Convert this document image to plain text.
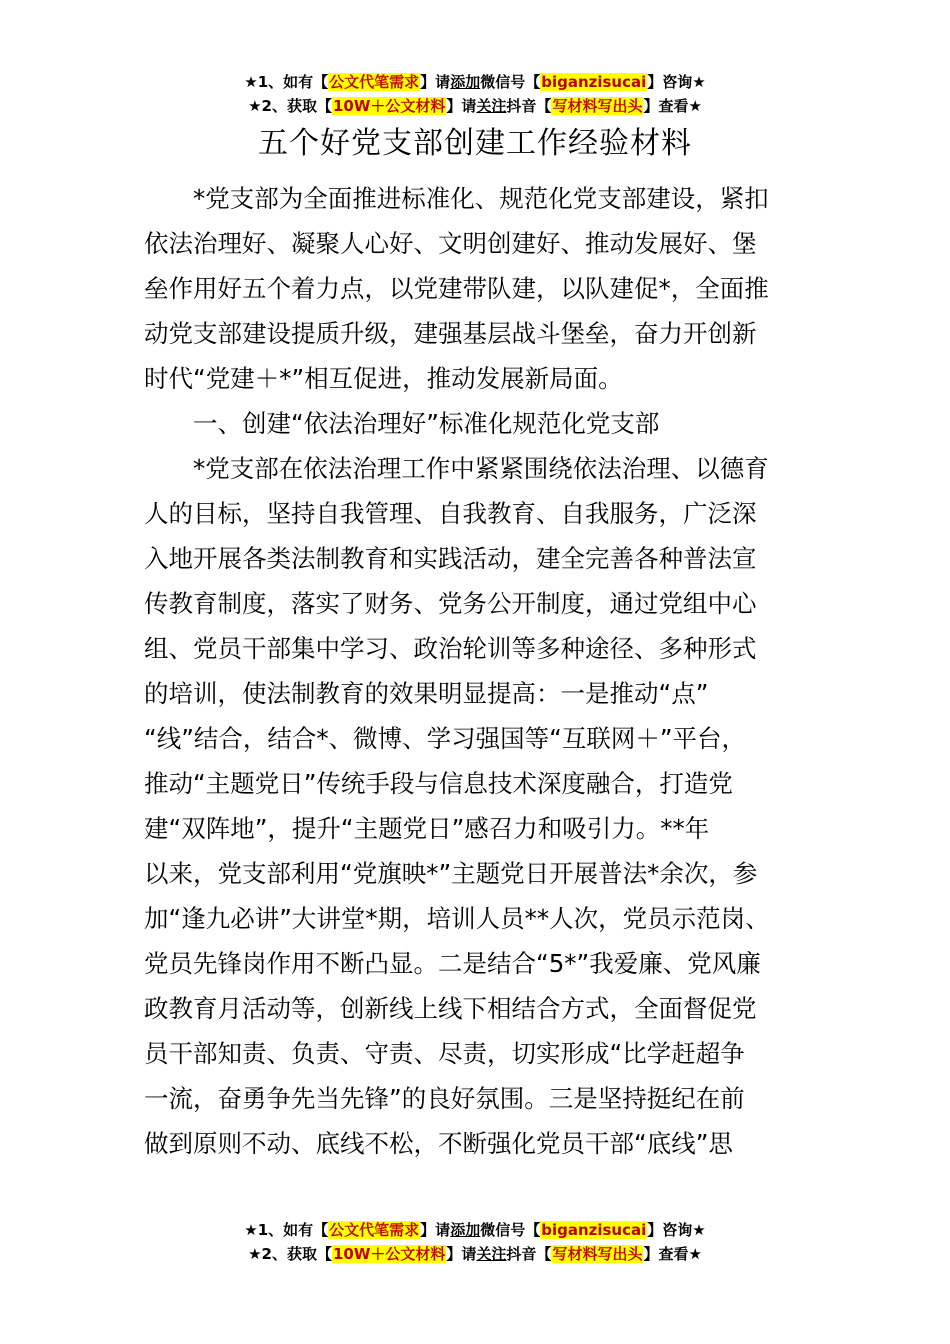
★1、如有【公文代笔需求】请添加微信号【biganzisucai】咨询★
★2、获取【10W＋公文材料】请关注抖音【写材料写出头】查看★
五个好党支部创建工作经验材料
　　*党支部为全面推进标准化、规范化党支部建设，紧扣
依法治理好、凝聚人心好、文明创建好、推动发展好、堡
垒作用好五个着力点，以党建带队建，以队建促*，全面推
动党支部建设提质升级，建强基层战斗堡垒，奋力开创新
时代“党建＋*”相互促进，推动发展新局面。
　　一、创建“依法治理好”标准化规范化党支部
　　*党支部在依法治理工作中紧紧围绕依法治理、以德育
人的目标，坚持自我管理、自我教育、自我服务，广泛深
入地开展各类法制教育和实践活动，建全完善各种普法宣
传教育制度，落实了财务、党务公开制度，通过党组中心
组、党员干部集中学习、政治轮训等多种途径、多种形式
的培训，使法制教育的效果明显提高：一是推动“点”
“线”结合，结合*、微博、学习强国等“互联网＋”平台，
推动“主题党日”传统手段与信息技术深度融合，打造党
建“双阵地”，提升“主题党日”感召力和吸引力。**年
以来，党支部利用“党旗映*”主题党日开展普法*余次，参
加“逢九必讲”大讲堂*期，培训人员**人次，党员示范岗、
党员先锋岗作用不断凸显。二是结合“5*”我爱廉、党风廉
政教育月活动等，创新线上线下相结合方式，全面督促党
员干部知责、负责、守责、尽责，切实形成“比学赶超争
一流，奋勇争先当先锋”的良好氛围。三是坚持挺纪在前
做到原则不动、底线不松，不断强化党员干部“底线”思
★1、如有【公文代笔需求】请添加微信号【biganzisucai】咨询★
★2、获取【10W＋公文材料】请关注抖音【写材料写出头】查看★
